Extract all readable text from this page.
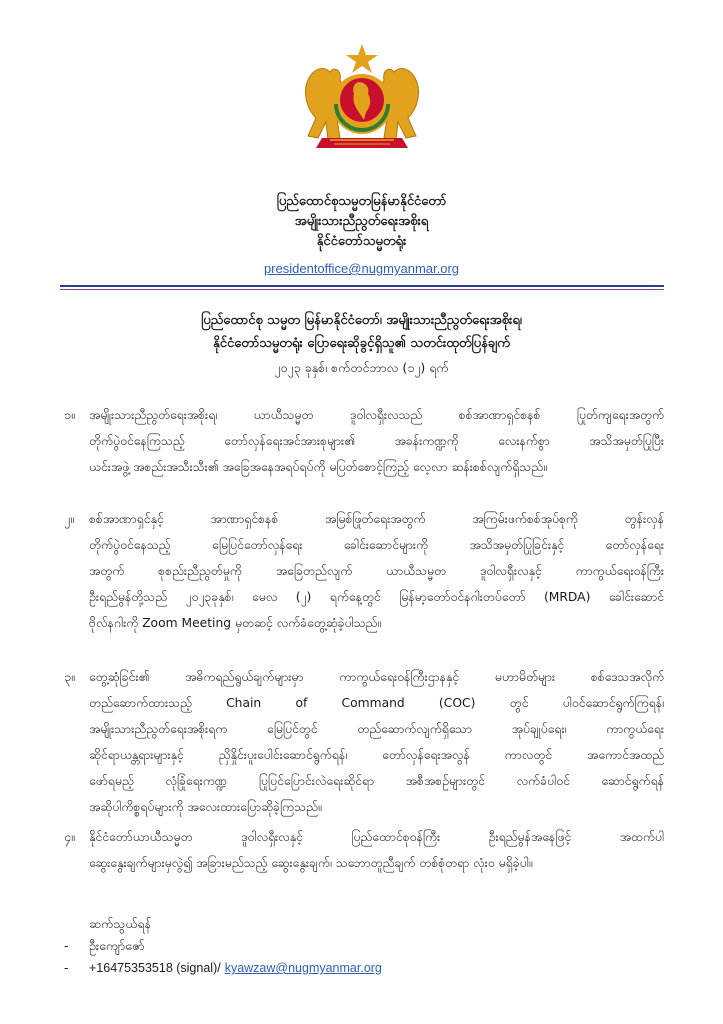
ပြည်ထောင်စုသမ္မတမြန်မာနိုင်ငံတော်
အမျိုးသားညီညွတ်ရေးအစိုးရ
နိုင်ငံတော်သမ္မတရုံး
presidentoffice@nugmyanmar.org
ပြည်ထောင်စု သမ္မတ မြန်မာနိုင်ငံတော်၊ အမျိုးသားညီညွတ်ရေးအစိုးရ၊
နိုင်ငံတော်သမ္မတရုံး ပြောရေးဆိုခွင့်ရှိသူ၏ သတင်းထုတ်ပြန်ချက်
၂၀၂၃ ခုနှစ်၊ စက်တင်ဘာလ (၁၂) ရက်
၁။ အမျိုးသားညီညွတ်ရေးအစိုးရ၊ ယာယီသမ္မတ ဒူဝါလရှီးလသည် စစ်အာဏာရှင်စနစ် ပြုတ်ကျရေးအတွက်
တိုက်ပွဲဝင်နေကြသည့် တော်လှန်ရေးအင်အားစုများ၏ အခန်းကဏ္ဍကို လေးနက်စွာ အသိအမှတ်ပြုပြီး
ယင်းအဖွဲ့ အစည်းအသီးသီး၏ အခြေအနေအရပ်ရပ်ကို မပြတ်စောင့်ကြည့် လေ့လာ ဆန်းစစ်လျက်ရှိသည်။
၂။ စစ်အာဏာရှင်နှင့် အာဏာရှင်စနစ် အမြစ်ဖြုတ်ရေးအတွက် အကြမ်းဖက်စစ်အုပ်စုကို တွန်းလှန်
တိုက်ပွဲဝင်နေသည့် မြေပြင်တော်လှန်ရေး ခေါင်းဆောင်များကို အသိအမှတ်ပြုခြင်းနှင့် တော်လှန်ရေး
အတွက် စုစည်းညီညွတ်မှုကို အခြေတည်လျက် ယာယီသမ္မတ ဒူဝါလရှီးလနှင့် ကာကွယ်ရေးဝန်ကြီး
ဦးရည်မွန်တို့သည် ၂၀၂၃ခုနှစ်၊ မေလ (၂) ရက်နေ့တွင် မြန်မာ့တော်ဝင်နဂါးတပ်တော် (MRDA) ခေါင်းဆောင်
ဗိုလ်နဂါးကို Zoom Meeting မှတဆင့် လက်ခံတွေ့ဆုံခဲ့ပါသည်။
၃။ တွေ့ဆုံခြင်း၏ အဓိကရည်ရွယ်ချက်များမှာ ကာကွယ်ရေးဝန်ကြီးဌာနနှင့် မဟာမိတ်များ စစ်ဒေသအလိုက်
တည်ဆောက်ထားသည့် Chain of Command (COC) တွင် ပါဝင်ဆောင်ရွက်ကြရန်၊
အမျိုးသားညီညွတ်ရေးအစိုးရက မြေပြင်တွင် တည်ဆောက်လျက်ရှိသော အုပ်ချုပ်ရေး၊ ကာကွယ်ရေး
ဆိုင်ရာယန္တရားများနှင့် ညှိနှိုင်းပူးပေါင်းဆောင်ရွက်ရန်၊ တော်လှန်ရေးအလွန် ကာလတွင် အကောင်အထည်
ဖော်ရမည့် လုံခြုံရေးကဏ္ဍ ပြုပြင်ပြောင်းလဲရေးဆိုင်ရာ အစီအစဉ်များတွင် လက်ခံပါဝင် ဆောင်ရွက်ရန်
အဆိုပါကိစ္စရပ်များကို အလေးထားပြောဆိုခဲ့ကြသည်။
၄။ နိုင်ငံတော်ယာယီသမ္မတ ဒူဝါလရှီးလနှင့် ပြည်ထောင်စုဝန်ကြီး ဦးရည်မွန်အနေဖြင့် အထက်ပါ
ဆွေးနွေးချက်များမှလွဲ၍ အခြားမည်သည့် ဆွေးနွေးချက်၊ သဘောတူညီချက် တစ်စုံတရာ လုံးဝ မရှိခဲ့ပါ။
ဆက်သွယ်ရန်
- ဦးကျော်ဇော်
- +16475353518 (signal)/ kyawzaw@nugmyanmar.org
